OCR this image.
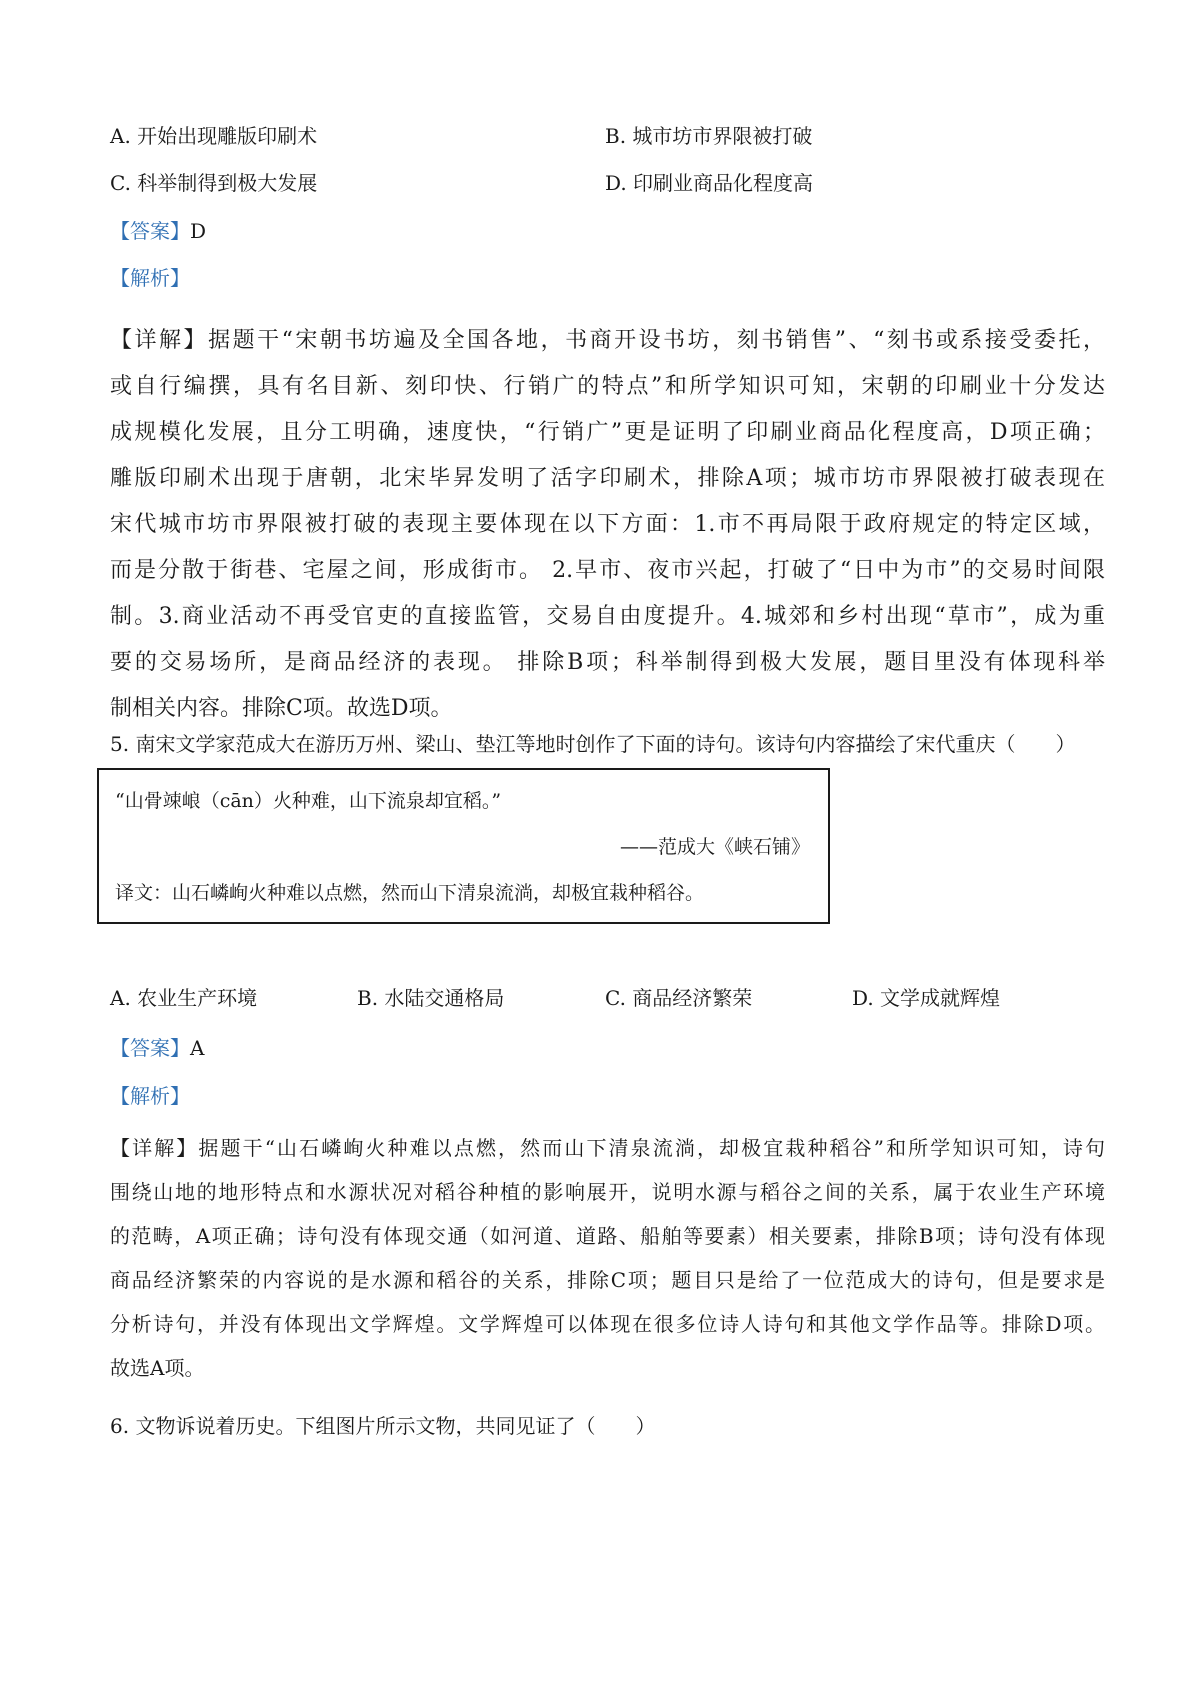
A. 开始出现雕版印刷术	B. 城市坊市界限被打破
C. 科举制得到极大发展	D. 印刷业商品化程度高
【答案】D
【解析】
【详解】据题干“宋朝书坊遍及全国各地，书商开设书坊，刻书销售”、“刻书或系接受委托，
或自行编撰，具有名目新、刻印快、行销广的特点”和所学知识可知，宋朝的印刷业十分发达
成规模化发展，且分工明确，速度快，“行销广”更是证明了印刷业商品化程度高，D项正确；
雕版印刷术出现于唐朝，北宋毕昇发明了活字印刷术，排除A项；城市坊市界限被打破表现在
宋代城市坊市界限被打破的表现主要体现在以下方面：1.市不再局限于政府规定的特定区域，
而是分散于街巷、宅屋之间，形成街市。 2.早市、夜市兴起，打破了“日中为市”的交易时间限
制。3.商业活动不再受官吏的直接监管，交易自由度提升。4.城郊和乡村出现“草市”，成为重
要的交易场所，是商品经济的表现。 排除B项；科举制得到极大发展，题目里没有体现科举
制相关内容。排除C项。故选D项。
5. 南宋文学家范成大在游历万州、梁山、垫江等地时创作了下面的诗句。该诗句内容描绘了宋代重庆（　　）
“山骨竦㟍（cān）火种难，山下流泉却宜稻。”
——范成大《峡石铺》
译文：山石嶙峋火种难以点燃，然而山下清泉流淌，却极宜栽种稻谷。
A. 农业生产环境	B. 水陆交通格局	C. 商品经济繁荣	D. 文学成就辉煌
【答案】A
【解析】
【详解】据题干“山石嶙峋火种难以点燃，然而山下清泉流淌，却极宜栽种稻谷”和所学知识可知，诗句
围绕山地的地形特点和水源状况对稻谷种植的影响展开，说明水源与稻谷之间的关系，属于农业生产环境
的范畴，A项正确；诗句没有体现交通（如河道、道路、船舶等要素）相关要素，排除B项；诗句没有体现
商品经济繁荣的内容说的是水源和稻谷的关系，排除C项；题目只是给了一位范成大的诗句，但是要求是
分析诗句，并没有体现出文学辉煌。文学辉煌可以体现在很多位诗人诗句和其他文学作品等。排除D项。
故选A项。
6. 文物诉说着历史。下组图片所示文物，共同见证了（　　）
